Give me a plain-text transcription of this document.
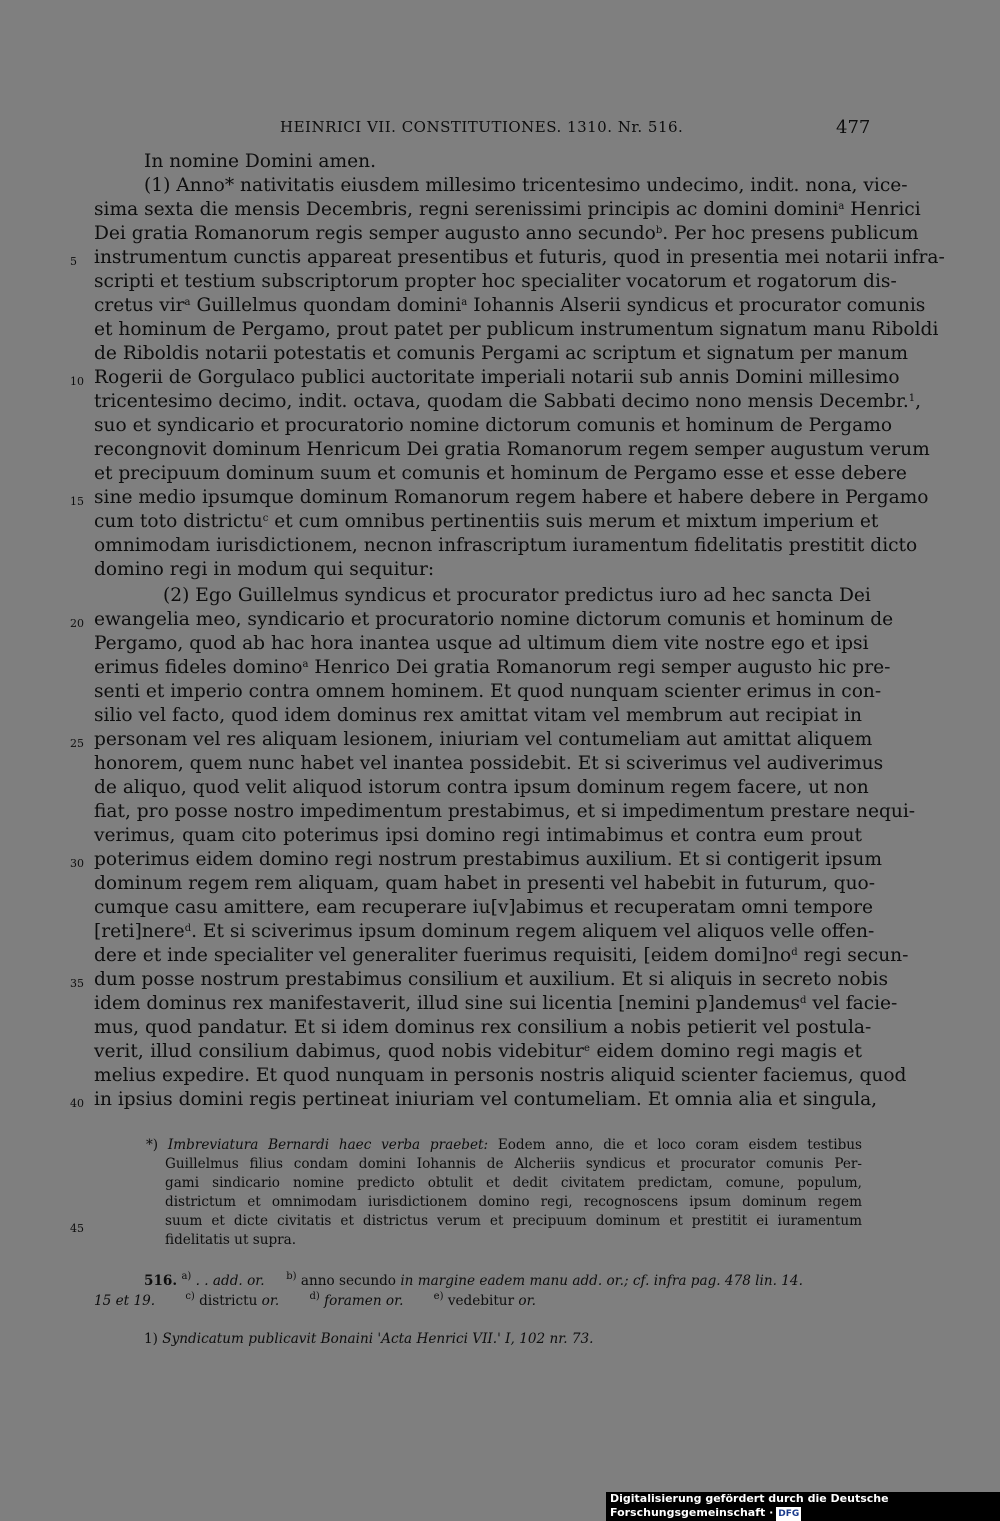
HEINRICI VII. CONSTITUTIONES. 1310. Nr. 516.	477
In nomine Domini amen.
(1) Anno* nativitatis eiusdem millesimo tricentesimo undecimo, indit. nona, vice-
sima sexta die mensis Decembris, regni serenissimi principis ac domini domini$^a$ Henrici
Dei gratia Romanorum regis semper augusto anno secundo$^b$. Per hoc presens publicum
instrumentum cunctis appareat presentibus et futuris, quod in presentia mei notarii infra-
scripti et testium subscriptorum propter hoc specialiter vocatorum et rogatorum dis-
cretus vir$^a$ Guillelmus quondam domini$^a$ Iohannis Alserii syndicus et procurator comunis
et hominum de Pergamo, prout patet per publicum instrumentum signatum manu Riboldi
de Riboldis notarii potestatis et comunis Pergami ac scriptum et signatum per manum
Rogerii de Gorgulaco publici auctoritate imperiali notarii sub annis Domini millesimo
tricentesimo decimo, indit. octava, quodam die Sabbati decimo nono mensis Decembr.$^1$,
suo et syndicario et procuratorio nomine dictorum comunis et hominum de Pergamo
recongnovit dominum Henricum Dei gratia Romanorum regem semper augustum verum
et precipuum dominum suum et comunis et hominum de Pergamo esse et esse debere
sine medio ipsumque dominum Romanorum regem habere et habere debere in Pergamo
cum toto districtu$^c$ et cum omnibus pertinentiis suis merum et mixtum imperium et
omnimodam iurisdictionem, necnon infrascriptum iuramentum fidelitatis prestitit dicto
domino regi in modum qui sequitur:
(2) Ego Guillelmus syndicus et procurator predictus iuro ad hec sancta Dei
ewangelia meo, syndicario et procuratorio nomine dictorum comunis et hominum de
Pergamo, quod ab hac hora inantea usque ad ultimum diem vite nostre ego et ipsi
erimus fideles domino$^a$ Henrico Dei gratia Romanorum regi semper augusto hic pre-
senti et imperio contra omnem hominem. Et quod nunquam scienter erimus in con-
silio vel facto, quod idem dominus rex amittat vitam vel membrum aut recipiat in
personam vel res aliquam lesionem, iniuriam vel contumeliam aut amittat aliquem
honorem, quem nunc habet vel inantea possidebit. Et si sciverimus vel audiverimus
de aliquo, quod velit aliquod istorum contra ipsum dominum regem facere, ut non
fiat, pro posse nostro impedimentum prestabimus, et si impedimentum prestare nequi-
verimus, quam cito poterimus ipsi domino regi intimabimus et contra eum prout
poterimus eidem domino regi nostrum prestabimus auxilium. Et si contigerit ipsum
dominum regem rem aliquam, quam habet in presenti vel habebit in futurum, quo-
cumque casu amittere, eam recuperare iu[v]abimus et recuperatam omni tempore
[reti]nere$^d$. Et si sciverimus ipsum dominum regem aliquem vel aliquos velle offen-
dere et inde specialiter vel generaliter fuerimus requisiti, [eidem $domi]no^d$ regi secun-
dum posse nostrum prestabimus consilium et auxilium. Et si aliquis in secreto nobis
idem dominus rex manifestaverit, illud sine sui licentia [nemini p]andemus$^d$ vel facie-
mus, quod pandatur. Et si idem dominus rex consilium a nobis petierit vel postula-
verit, illud consilium dabimus, quod nobis videbitur$^e$ eidem domino regi magis et
melius expedire. Et quod nunquam in personis nostris aliquid scienter faciemus, quod
in ipsius domini regis pertineat iniuriam vel contumeliam. Et omnia alia et singula,
5
10
15
20
25
30
35
40
45
*) Imbreviatura Bernardi haec verba praebet: Eodem anno, die et loco coram eisdem testibus
Guillelmus filius condam domini Iohannis de Alcheriis syndicus et procurator comunis Per-
gami sindicario nomine predicto obtulit et dedit civitatem predictam, comune, populum,
districtum et omnimodam iurisdictionem domino regi, recognoscens ipsum dominum regem
suum et dicte civitatis et districtus verum et precipuum dominum et prestitit ei iuramentum
fidelitatis ut supra.
516. $^{a)}$ . . add. or. $^{b)}$ anno secundo in margine eadem manu add. or.; cf. infra pag. 478 lin. 14.
15 et 19.	$^{c)}$ districtu or.	$^{d)}$ foramen or.	$^{e)}$ vedebitur or.
1) Syndicatum publicavit Bonaini 'Acta Henrici VII.' I, 102 nr. 73.
Digitalisierung gefördert durch die Deutsche Forschungsgemeinschaft · DFG
